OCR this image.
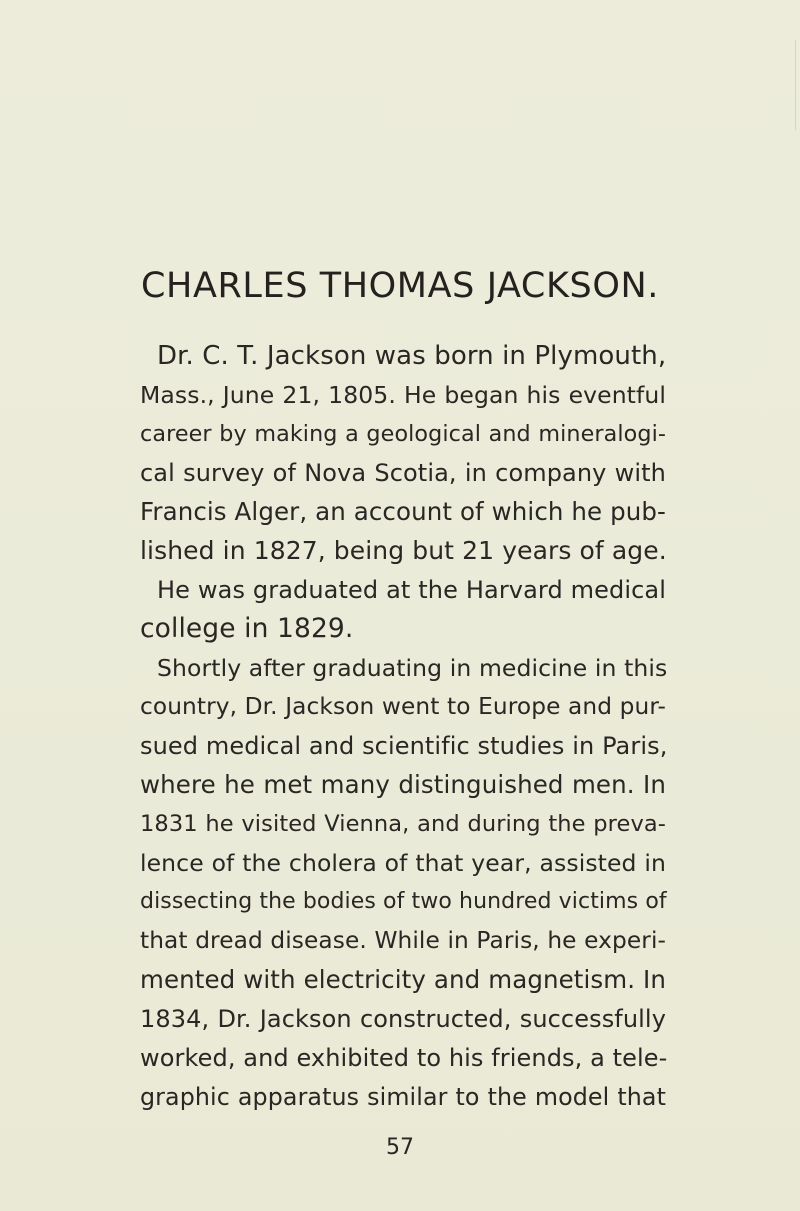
CHARLES THOMAS JACKSON.
Dr. C. T. Jackson was born in Plymouth,
Mass., June 21, 1805. He began his eventful
career by making a geological and mineralogi-
cal survey of Nova Scotia, in company with
Francis Alger, an account of which he pub-
lished in 1827, being but 21 years of age.
He was graduated at the Harvard medical
college in 1829.
Shortly after graduating in medicine in this
country, Dr. Jackson went to Europe and pur-
sued medical and scientific studies in Paris,
where he met many distinguished men. In
1831 he visited Vienna, and during the preva-
lence of the cholera of that year, assisted in
dissecting the bodies of two hundred victims of
that dread disease. While in Paris, he experi-
mented with electricity and magnetism. In
1834, Dr. Jackson constructed, successfully
worked, and exhibited to his friends, a tele-
graphic apparatus similar to the model that
57
